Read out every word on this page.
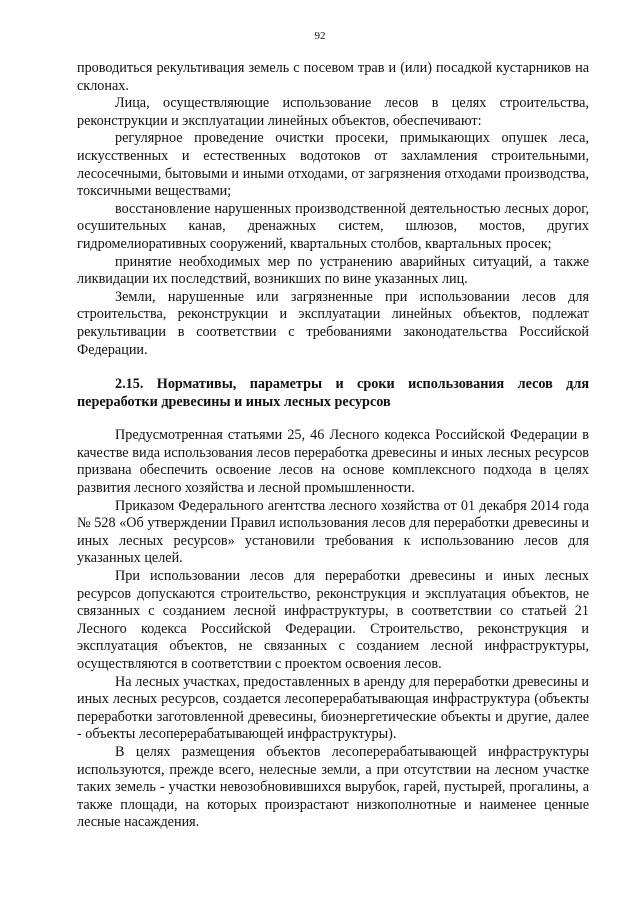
92

проводиться рекультивация земель с посевом трав и (или) посадкой кустарников на склонах.

Лица, осуществляющие использование лесов в целях строительства, реконструкции и эксплуатации линейных объектов, обеспечивают:

регулярное проведение очистки просеки, примыкающих опушек леса, искусственных и естественных водотоков от захламления строительными, лесосечными, бытовыми и иными отходами, от загрязнения отходами производства, токсичными веществами;

восстановление нарушенных производственной деятельностью лесных дорог, осушительных канав, дренажных систем, шлюзов, мостов, других гидромелиоративных сооружений, квартальных столбов, квартальных просек;

принятие необходимых мер по устранению аварийных ситуаций, а также ликвидации их последствий, возникших по вине указанных лиц.

Земли, нарушенные или загрязненные при использовании лесов для строительства, реконструкции и эксплуатации линейных объектов, подлежат рекультивации в соответствии с требованиями законодательства Российской Федерации.

2.15. Нормативы, параметры и сроки использования лесов для переработки древесины и иных лесных ресурсов

Предусмотренная статьями 25, 46 Лесного кодекса Российской Федерации в качестве вида использования лесов переработка древесины и иных лесных ресурсов призвана обеспечить освоение лесов на основе комплексного подхода в целях развития лесного хозяйства и лесной промышленности.

Приказом Федерального агентства лесного хозяйства от 01 декабря 2014 года № 528 «Об утверждении Правил использования лесов для переработки древесины и иных лесных ресурсов» установили требования к использованию лесов для указанных целей.

При использовании лесов для переработки древесины и иных лесных ресурсов допускаются строительство, реконструкция и эксплуатация объектов, не связанных с созданием лесной инфраструктуры, в соответствии со статьей 21 Лесного кодекса Российской Федерации. Строительство, реконструкция и эксплуатация объектов, не связанных с созданием лесной инфраструктуры, осуществляются в соответствии с проектом освоения лесов.

На лесных участках, предоставленных в аренду для переработки древесины и иных лесных ресурсов, создается лесоперерабатывающая инфраструктура (объекты переработки заготовленной древесины, биоэнергетические объекты и другие, далее - объекты лесоперерабатывающей инфраструктуры).

В целях размещения объектов лесоперерабатывающей инфраструктуры используются, прежде всего, нелесные земли, а при отсутствии на лесном участке таких земель - участки невозобновившихся вырубок, гарей, пустырей, прогалины, а также площади, на которых произрастают низкополнотные и наименее ценные лесные насаждения.
